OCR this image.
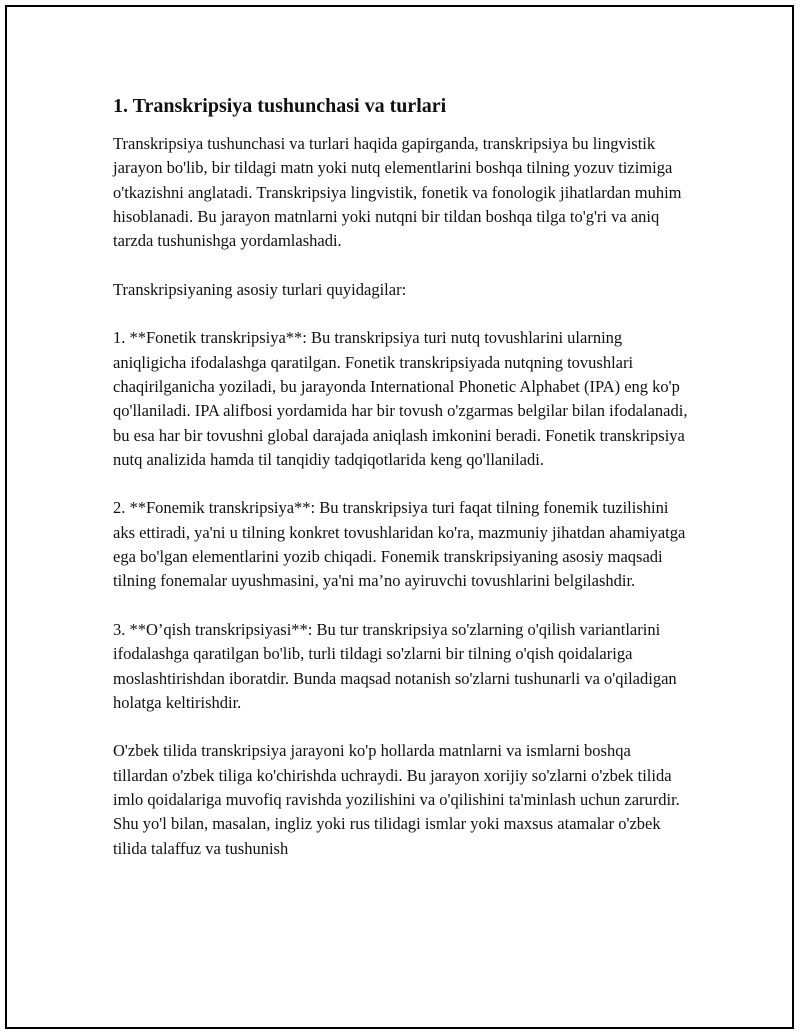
1. Transkripsiya tushunchasi va turlari

Transkripsiya tushunchasi va turlari haqida gapirganda, transkripsiya bu lingvistik jarayon bo'lib, bir tildagi matn yoki nutq elementlarini boshqa tilning yozuv tizimiga o'tkazishni anglatadi. Transkripsiya lingvistik, fonetik va fonologik jihatlardan muhim hisoblanadi. Bu jarayon matnlarni yoki nutqni bir tildan boshqa tilga to'g'ri va aniq tarzda tushunishga yordamlashadi.

Transkripsiyaning asosiy turlari quyidagilar:

1. **Fonetik transkripsiya**: Bu transkripsiya turi nutq tovushlarini ularning aniqligicha ifodalashga qaratilgan. Fonetik transkripsiyada nutqning tovushlari chaqirilganicha yoziladi, bu jarayonda International Phonetic Alphabet (IPA) eng ko'p qo'llaniladi. IPA alifbosi yordamida har bir tovush o'zgarmas belgilar bilan ifodalanadi, bu esa har bir tovushni global darajada aniqlash imkonini beradi. Fonetik transkripsiya nutq analizida hamda til tanqidiy tadqiqotlarida keng qo'llaniladi.

2. **Fonemik transkripsiya**: Bu transkripsiya turi faqat tilning fonemik tuzilishini aks ettiradi, ya'ni u tilning konkret tovushlaridan ko'ra, mazmuniy jihatdan ahamiyatga ega bo'lgan elementlarini yozib chiqadi. Fonemik transkripsiyaning asosiy maqsadi tilning fonemalar uyushmasini, ya'ni ma’no ayiruvchi tovushlarini belgilashdir.

3. **O’qish transkripsiyasi**: Bu tur transkripsiya so'zlarning o'qilish variantlarini ifodalashga qaratilgan bo'lib, turli tildagi so'zlarni bir tilning o'qish qoidalariga moslashtirishdan iboratdir. Bunda maqsad notanish so'zlarni tushunarli va o'qiladigan holatga keltirishdir.

O'zbek tilida transkripsiya jarayoni ko'p hollarda matnlarni va ismlarni boshqa tillardan o'zbek tiliga ko'chirishda uchraydi. Bu jarayon xorijiy so'zlarni o'zbek tilida imlo qoidalariga muvofiq ravishda yozilishini va o'qilishini ta'minlash uchun zarurdir. Shu yo'l bilan, masalan, ingliz yoki rus tilidagi ismlar yoki maxsus atamalar o'zbek tilida talaffuz va tushunish
